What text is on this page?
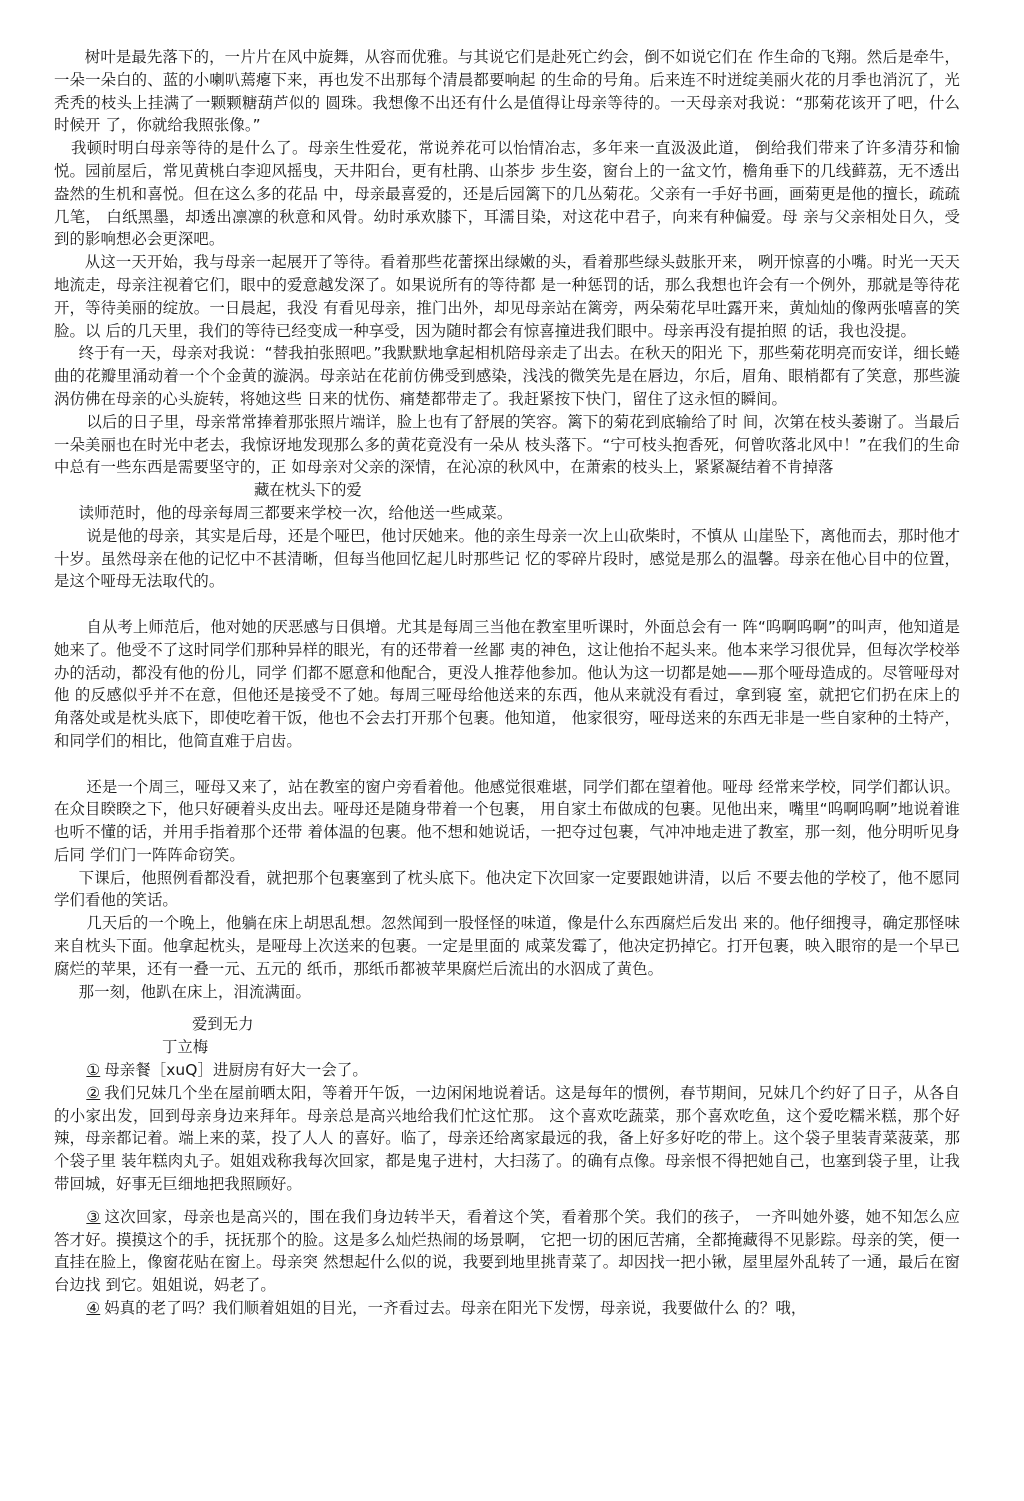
树叶是最先落下的，一片片在风中旋舞，从容而优雅。与其说它们是赴死亡约会，倒不如说它们在 作生命的飞翔。然后是牵牛，一朵一朵白的、蓝的小喇叭蔫瘪下来，再也发不出那每个清晨都要响起 的生命的号角。后来连不时迸绽美丽火花的月季也消沉了，光秃秃的枝头上挂满了一颗颗糖葫芦似的 圆珠。我想像不出还有什么是值得让母亲等待的。一天母亲对我说：“那菊花该开了吧，什么时候开 了，你就给我照张像。”

我顿时明白母亲等待的是什么了。母亲生性爱花，常说养花可以怡情冶志，多年来一直汲汲此道， 倒给我们带来了许多清芬和愉悦。园前屋后，常见黄桃白李迎风摇曳，天井阳台，更有杜鹃、山茶步 步生姿，窗台上的一盆文竹，檐角垂下的几线藓荔，无不透出盎然的生机和喜悦。但在这么多的花品 中，母亲最喜爱的，还是后园篱下的几丛菊花。父亲有一手好书画，画菊更是他的擅长，疏疏几笔， 白纸黑墨，却透出凛凛的秋意和风骨。幼时承欢膝下，耳濡目染，对这花中君子，向来有种偏爱。母 亲与父亲相处日久，受到的影响想必会更深吧。

从这一天开始，我与母亲一起展开了等待。看着那些花蕾探出绿嫩的头，看着那些绿头鼓胀开来， 咧开惊喜的小嘴。时光一天天地流走，母亲注视着它们，眼中的爱意越发深了。如果说所有的等待都 是一种惩罚的话，那么我想也许会有一个例外，那就是等待花开，等待美丽的绽放。一日晨起，我没 有看见母亲，推门出外，却见母亲站在篱旁，两朵菊花早吐露开来，黄灿灿的像两张嘻喜的笑脸。以 后的几天里，我们的等待已经变成一种享受，因为随时都会有惊喜撞进我们眼中。母亲再没有提拍照 的话，我也没提。

终于有一天，母亲对我说：“替我拍张照吧。”我默默地拿起相机陪母亲走了出去。在秋天的阳光 下，那些菊花明亮而安详，细长蜷曲的花瓣里涌动着一个个金黄的漩涡。母亲站在花前仿佛受到感染，浅浅的微笑先是在唇边，尔后，眉角、眼梢都有了笑意，那些漩涡仿佛在母亲的心头旋转，将她这些 日来的忧伤、痛楚都带走了。我赶紧按下快门，留住了这永恒的瞬间。

以后的日子里，母亲常常捧着那张照片端详，脸上也有了舒展的笑容。篱下的菊花到底输给了时 间，次第在枝头萎谢了。当最后一朵美丽也在时光中老去，我惊讶地发现那么多的黄花竟没有一朵从 枝头落下。“宁可枝头抱香死，何曾吹落北风中！”在我们的生命中总有一些东西是需要坚守的，正 如母亲对父亲的深情，在沁凉的秋风中，在萧索的枝头上，紧紧凝结着不肯掉落

藏在枕头下的爱

读师范时，他的母亲每周三都要来学校一次，给他送一些咸菜。

说是他的母亲，其实是后母，还是个哑巴，他讨厌她来。他的亲生母亲一次上山砍柴时，不慎从 山崖坠下，离他而去，那时他才十岁。虽然母亲在他的记忆中不甚清晰，但每当他回忆起儿时那些记 忆的零碎片段时，感觉是那么的温馨。母亲在他心目中的位置，是这个哑母无法取代的。

自从考上师范后，他对她的厌恶感与日俱增。尤其是每周三当他在教室里听课时，外面总会有一 阵“呜啊呜啊”的叫声，他知道是她来了。他受不了这时同学们那种异样的眼光，有的还带着一丝鄙 夷的神色，这让他抬不起头来。他本来学习很优异，但每次学校举办的活动，都没有他的份儿，同学 们都不愿意和他配合，更没人推荐他参加。他认为这一切都是她——那个哑母造成的。尽管哑母对他 的反感似乎并不在意，但他还是接受不了她。每周三哑母给他送来的东西，他从来就没有看过，拿到寝 室，就把它们扔在床上的角落处或是枕头底下，即使吃着干饭，他也不会去打开那个包裹。他知道， 他家很穷，哑母送来的东西无非是一些自家种的土特产，和同学们的相比，他简直难于启齿。

还是一个周三，哑母又来了，站在教室的窗户旁看着他。他感觉很难堪，同学们都在望着他。哑母 经常来学校，同学们都认识。在众目睽睽之下，他只好硬着头皮出去。哑母还是随身带着一个包裹， 用自家土布做成的包裹。见他出来，嘴里“呜啊呜啊”地说着谁也听不懂的话，并用手指着那个还带 着体温的包裹。他不想和她说话，一把夺过包裹，气冲冲地走进了教室，那一刻，他分明听见身后同 学们门一阵阵命窃笑。

下课后，他照例看都没看，就把那个包裹塞到了枕头底下。他决定下次回家一定要跟她讲清，以后 不要去他的学校了，他不愿同学们看他的笑话。

几天后的一个晚上，他躺在床上胡思乱想。忽然闻到一股怪怪的味道，像是什么东西腐烂后发出 来的。他仔细搜寻，确定那怪味来自枕头下面。他拿起枕头，是哑母上次送来的包裹。一定是里面的 咸菜发霉了，他决定扔掉它。打开包裹，映入眼帘的是一个早已腐烂的苹果，还有一叠一元、五元的 纸币，那纸币都被苹果腐烂后流出的水泅成了黄色。

那一刻，他趴在床上，泪流满面。

爱到无力

丁立梅

① 母亲餐［xuQ］进厨房有好大一会了。

② 我们兄妹几个坐在屋前晒太阳，等着开午饭，一边闲闲地说着话。这是每年的惯例，春节期间，兄妹几个约好了日子，从各自的小家出发，回到母亲身边来拜年。母亲总是高兴地给我们忙这忙那。 这个喜欢吃蔬菜，那个喜欢吃鱼，这个爱吃糯米糕，那个好辣，母亲都记着。端上来的菜，投了人人 的喜好。临了，母亲还给离家最远的我，备上好多好吃的带上。这个袋子里装青菜菠菜，那个袋子里 装年糕肉丸子。姐姐戏称我每次回家，都是鬼子进村，大扫荡了。的确有点像。母亲恨不得把她自己，也塞到袋子里，让我带回城，好事无巨细地把我照顾好。

③ 这次回家，母亲也是高兴的，围在我们身边转半天，看着这个笑，看着那个笑。我们的孩子， 一齐叫她外婆，她不知怎么应答才好。摸摸这个的手，抚抚那个的脸。这是多么灿烂热闹的场景啊， 它把一切的困厄苦痛，全都掩藏得不见影踪。母亲的笑，便一直挂在脸上，像窗花贴在窗上。母亲突 然想起什么似的说，我要到地里挑青菜了。却因找一把小锹，屋里屋外乱转了一通，最后在窗台边找 到它。姐姐说，妈老了。

④ 妈真的老了吗？我们顺着姐姐的目光，一齐看过去。母亲在阳光下发愣，母亲说，我要做什么 的？哦，
